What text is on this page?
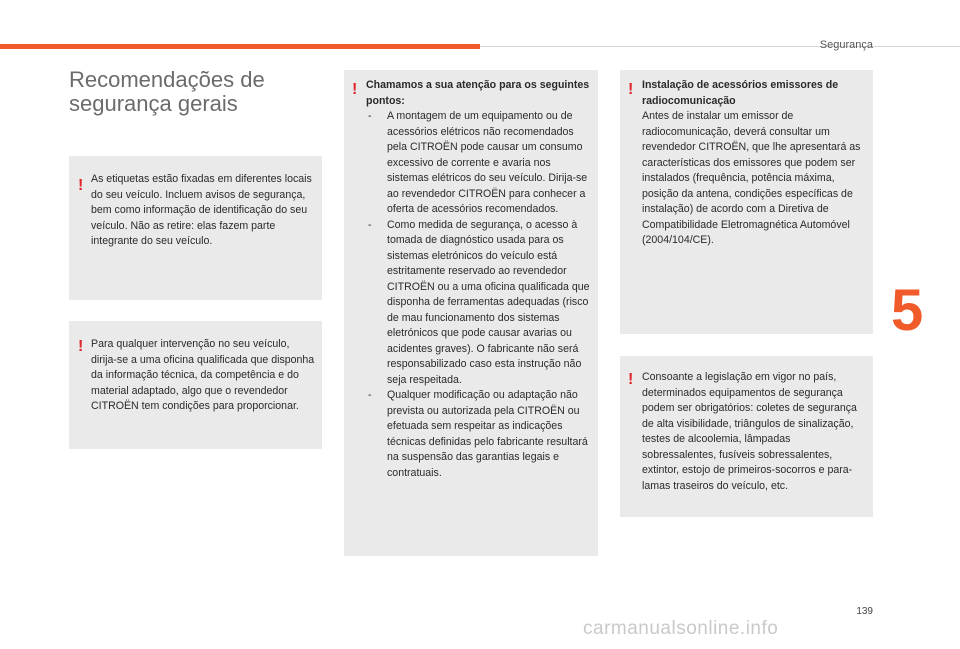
Segurança
5
Recomendações de
segurança gerais
! As etiquetas estão fixadas em diferentes locais do seu veículo. Incluem avisos de segurança, bem como informação de identificação do seu veículo. Não as retire: elas fazem parte integrante do seu veículo.

! Para qualquer intervenção no seu veículo, dirija-se a uma oficina qualificada que disponha da informação técnica, da competência e do material adaptado, algo que o revendedor CITROËN tem condições para proporcionar.

! Chamamos a sua atenção para os seguintes pontos:

- A montagem de um equipamento ou de acessórios elétricos não recomendados pela CITROËN pode causar um consumo excessivo de corrente e avaria nos sistemas elétricos do seu veículo. Dirija-se ao revendedor CITROËN para conhecer a oferta de acessórios recomendados.
- Como medida de segurança, o acesso à tomada de diagnóstico usada para os sistemas eletrónicos do veículo está estritamente reservado ao revendedor CITROËN ou a uma oficina qualificada que disponha de ferramentas adequadas (risco de mau funcionamento dos sistemas eletrónicos que pode causar avarias ou acidentes graves). O fabricante não será responsabilizado caso esta instrução não seja respeitada.
- Qualquer modificação ou adaptação não prevista ou autorizada pela CITROËN ou efetuada sem respeitar as indicações técnicas definidas pelo fabricante resultará na suspensão das garantias legais e contratuais.
! Instalação de acessórios emissores de radiocomunicação

Antes de instalar um emissor de radiocomunicação, deverá consultar um revendedor CITROËN, que lhe apresentará as características dos emissores que podem ser instalados (frequência, potência máxima, posição da antena, condições específicas de instalação) de acordo com a Diretiva de Compatibilidade Eletromagnética Automóvel (2004/104/CE).

! Consoante a legislação em vigor no país, determinados equipamentos de segurança podem ser obrigatórios: coletes de segurança de alta visibilidade, triângulos de sinalização, testes de alcoolemia, lâmpadas sobressalentes, fusíveis sobressalentes, extintor, estojo de primeiros-socorros e para-lamas traseiros do veículo, etc.

139
carmanualsonline.info
